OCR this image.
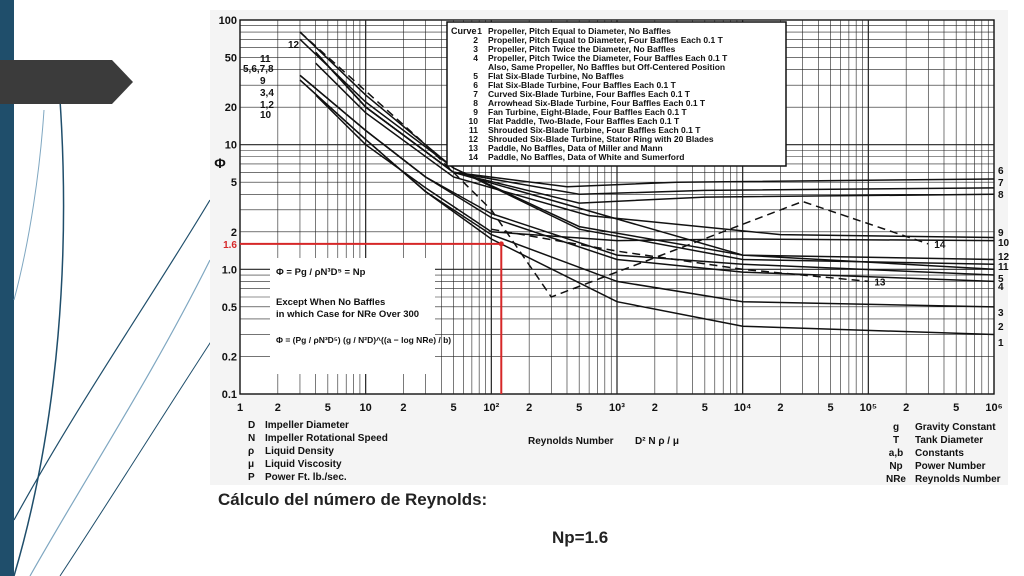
13
14
1	2	5	10	2	5 10² 2	5 10³ 2	5 10⁴ 2	5 10⁵ 2	5 10⁶
100
50
20
10
5
2
1.0
0.5
0.2
0.1
Φ
12
11
5,6,7,8
9
3,4
1,2
10
6
7
8
9
10
12
11
5
4
3
2
1
Curve 1 Propeller, Pitch Equal to Diameter, No Baffles
2 Propeller, Pitch Equal to Diameter, Four Baffles Each 0.1 T
3 Propeller, Pitch Twice the Diameter, No Baffles
4 Propeller, Pitch Twice the Diameter, Four Baffles Each 0.1 T
Also, Same Propeller, No Baffles but Off-Centered Position
5 Flat Six-Blade Turbine, No Baffles
6 Flat Six-Blade Turbine, Four Baffles Each 0.1 T
7 Curved Six-Blade Turbine, Four Baffles Each 0.1 T
8 Arrowhead Six-Blade Turbine, Four Baffles Each 0.1 T
9 Fan Turbine, Eight-Blade, Four Baffles Each 0.1 T
10 Flat Paddle, Two-Blade, Four Baffles Each 0.1 T
11 Shrouded Six-Blade Turbine, Four Baffles Each 0.1 T
12 Shrouded Six-Blade Turbine, Stator Ring with 20 Blades
13 Paddle, No Baffles, Data of Miller and Mann
14 Paddle, No Baffles, Data of White and Sumerford
Φ = Pg / ρN³D⁵ = Np
Except When No Baffles
in which Case for NRe Over 300
Φ = (Pg / ρN³D⁵) (g / N²D)^((a − log NRe) / b)
1.6
D Impeller Diameter
N Impeller Rotational Speed
ρ Liquid Density
μ Liquid Viscosity
P Power Ft. lb./sec.
Reynolds Number D² N ρ / μ
g Gravity Constant
T Tank Diameter
a,b Constants
Np Power Number
NRe Reynolds Number
Cálculo del número de Reynolds:
Np=1.6
